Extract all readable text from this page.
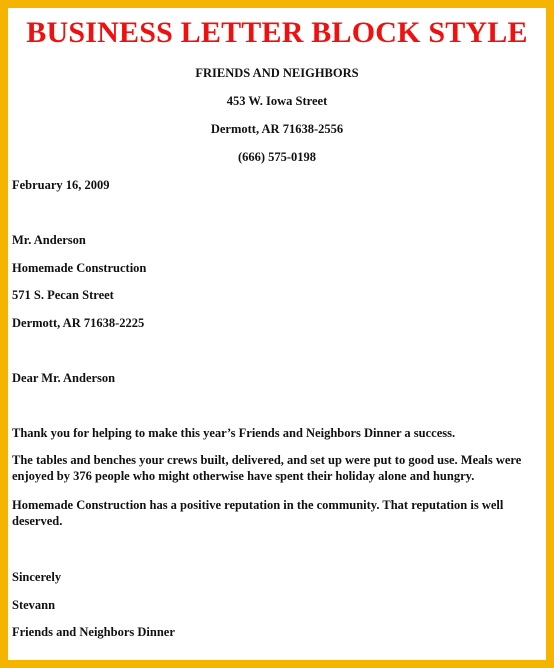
BUSINESS LETTER BLOCK STYLE
FRIENDS AND NEIGHBORS
453 W. Iowa Street
Dermott, AR 71638-2556
(666) 575-0198
February 16, 2009
Mr. Anderson
Homemade Construction
571 S. Pecan Street
Dermott, AR 71638-2225
Dear Mr. Anderson
Thank you for helping to make this year’s Friends and Neighbors Dinner a success.
The tables and benches your crews built, delivered, and set up were put to good use. Meals were enjoyed by 376 people who might otherwise have spent their holiday alone and hungry.
Homemade Construction has a positive reputation in the community. That reputation is well deserved.
Sincerely
Stevann
Friends and Neighbors Dinner
